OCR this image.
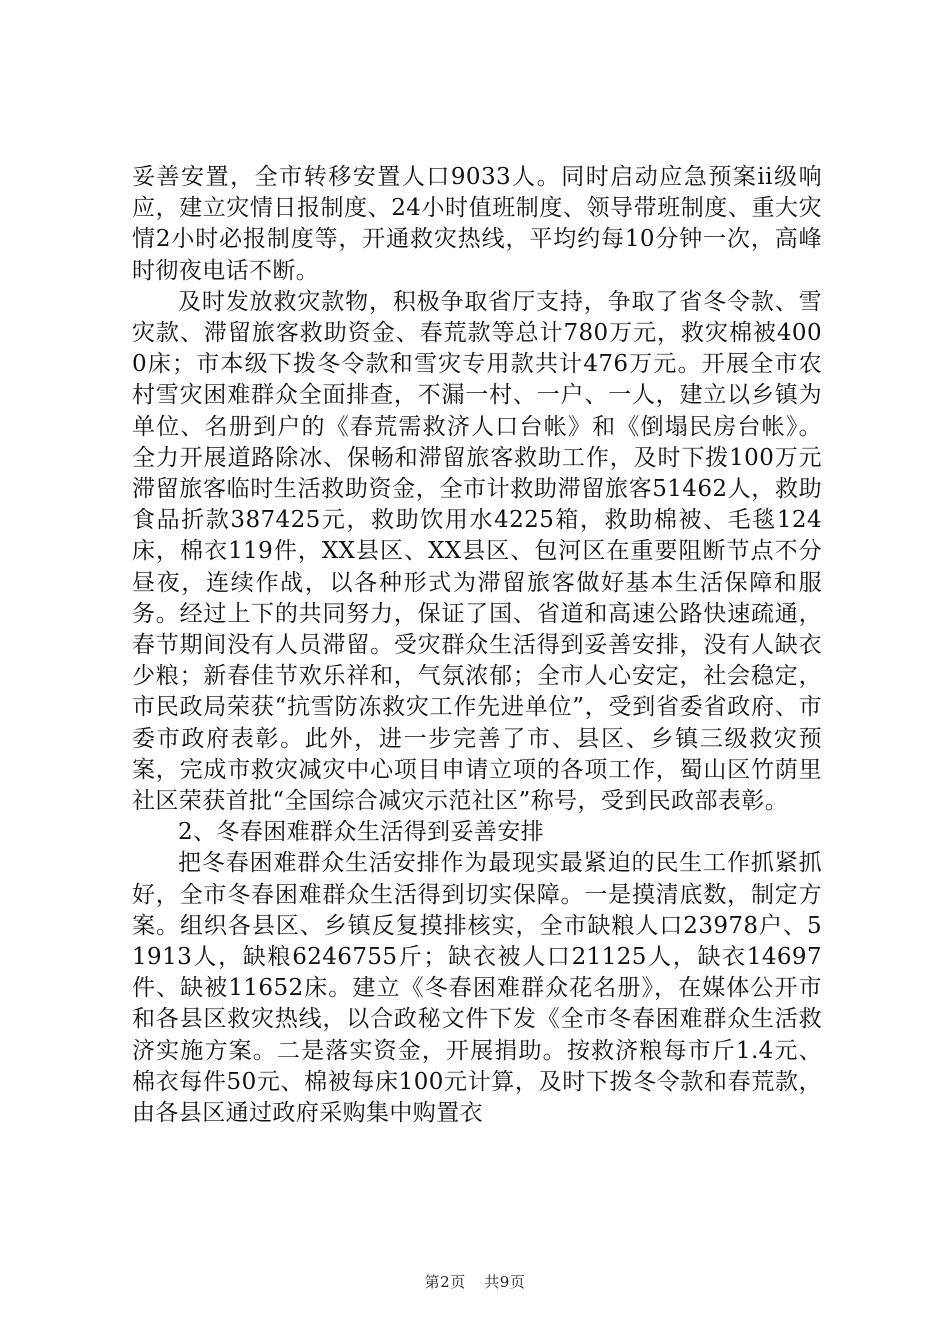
妥善安置，全市转移安置人口9033人。同时启动应急预案ii级响应，建立灾情日报制度、24小时值班制度、领导带班制度、重大灾情2小时必报制度等，开通救灾热线，平均约每10分钟一次，高峰时彻夜电话不断。

及时发放救灾款物，积极争取省厅支持，争取了省冬令款、雪灾款、滞留旅客救助资金、春荒款等总计780万元，救灾棉被4000床；市本级下拨冬令款和雪灾专用款共计476万元。开展全市农村雪灾困难群众全面排查，不漏一村、一户、一人，建立以乡镇为单位、名册到户的《春荒需救济人口台帐》和《倒塌民房台帐》。全力开展道路除冰、保畅和滞留旅客救助工作，及时下拨100万元滞留旅客临时生活救助资金，全市计救助滞留旅客51462人，救助食品折款387425元，救助饮用水4225箱，救助棉被、毛毯124床，棉衣119件，XX县区、XX县区、包河区在重要阻断节点不分昼夜，连续作战，以各种形式为滞留旅客做好基本生活保障和服务。经过上下的共同努力，保证了国、省道和高速公路快速疏通，春节期间没有人员滞留。受灾群众生活得到妥善安排，没有人缺衣少粮；新春佳节欢乐祥和，气氛浓郁；全市人心安定，社会稳定，市民政局荣获“抗雪防冻救灾工作先进单位”，受到省委省政府、市委市政府表彰。此外，进一步完善了市、县区、乡镇三级救灾预案，完成市救灾减灾中心项目申请立项的各项工作，蜀山区竹荫里社区荣获首批“全国综合减灾示范社区”称号，受到民政部表彰。

2、冬春困难群众生活得到妥善安排

把冬春困难群众生活安排作为最现实最紧迫的民生工作抓紧抓好，全市冬春困难群众生活得到切实保障。一是摸清底数，制定方案。组织各县区、乡镇反复摸排核实，全市缺粮人口23978户、51913人，缺粮6246755斤；缺衣被人口21125人，缺衣14697件、缺被11652床。建立《冬春困难群众花名册》，在媒体公开市和各县区救灾热线，以合政秘文件下发《全市冬春困难群众生活救济实施方案。二是落实资金，开展捐助。按救济粮每市斤1.4元、棉衣每件50元、棉被每床100元计算，及时下拨冬令款和春荒款，由各县区通过政府采购集中购置衣

第2页 共9页
